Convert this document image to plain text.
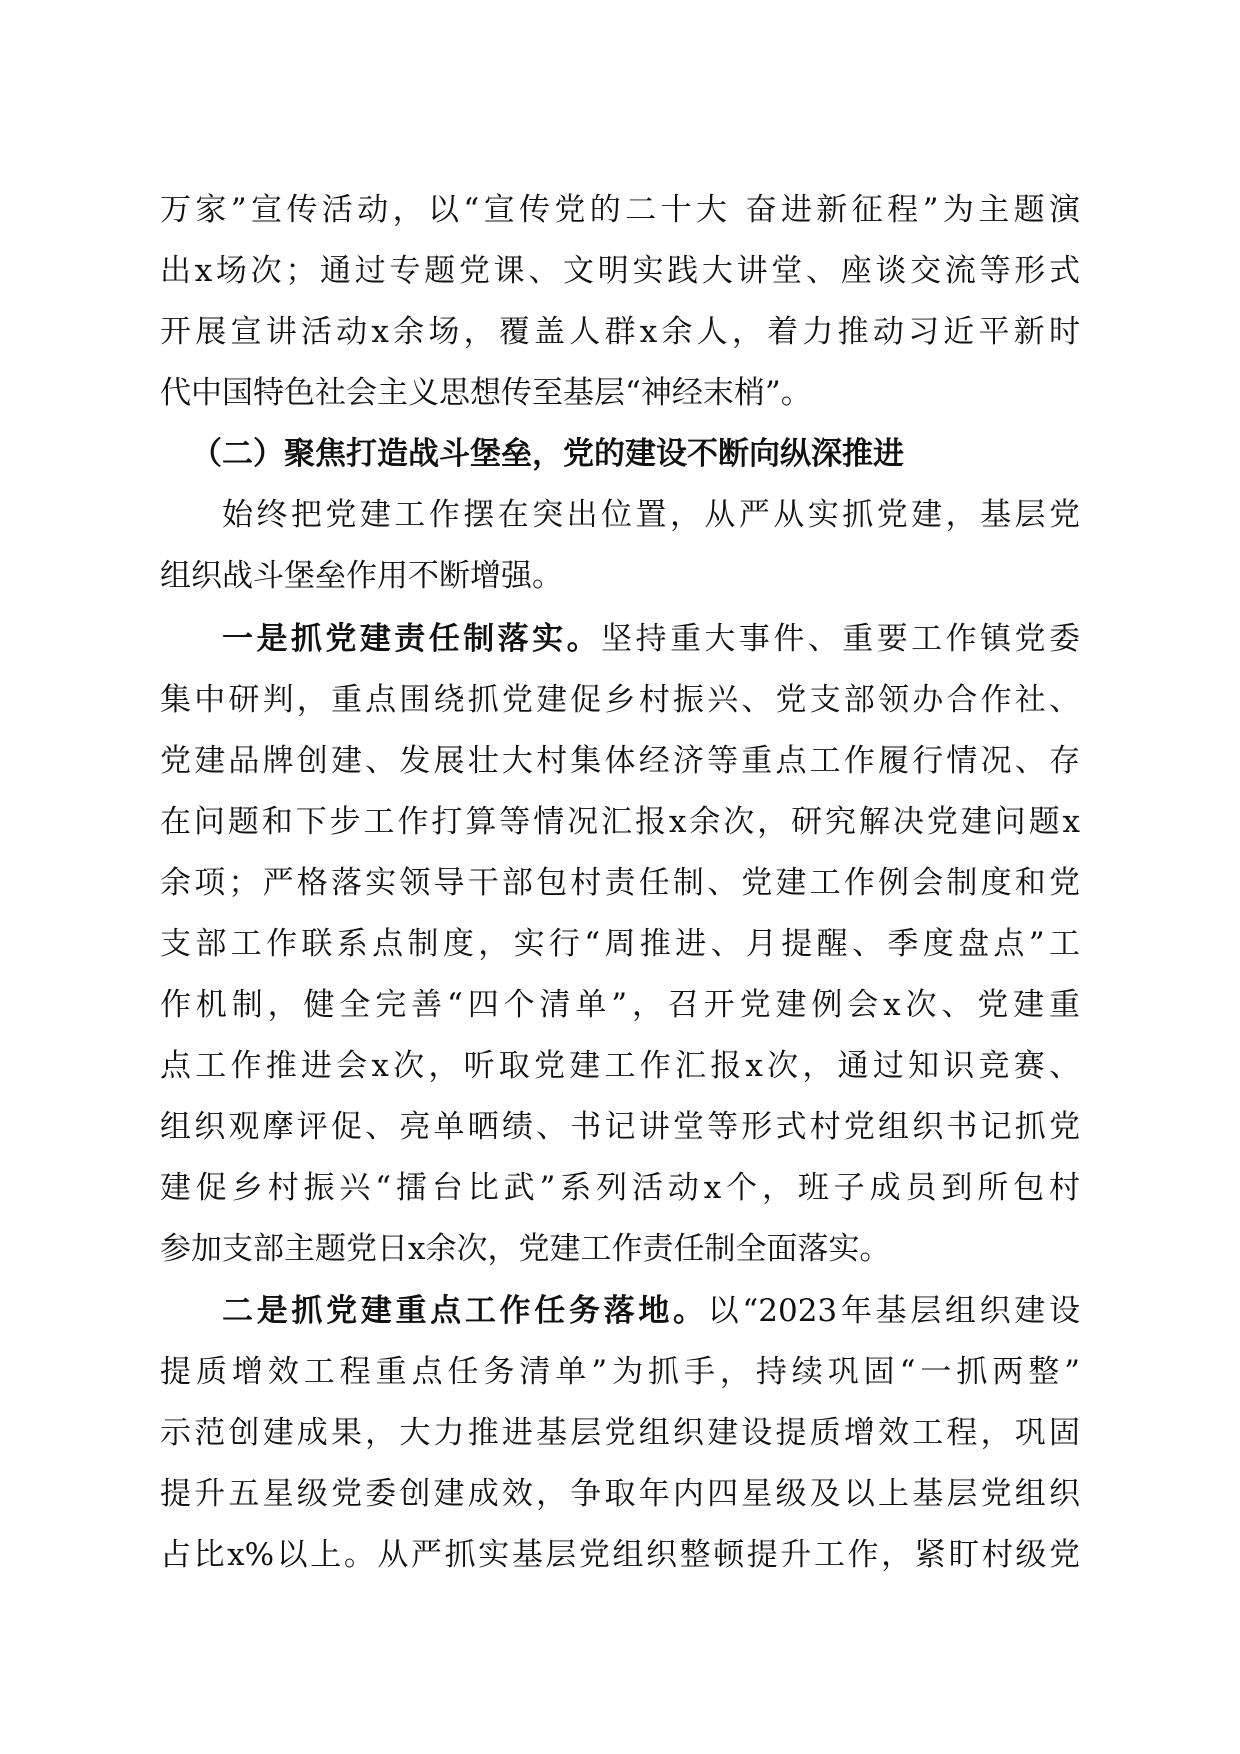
万家”宣传活动，以“宣传党的二十大 奋进新征程”为主题演
出x场次；通过专题党课、文明实践大讲堂、座谈交流等形式
开展宣讲活动x余场，覆盖人群x余人，着力推动习近平新时
代中国特色社会主义思想传至基层“神经末梢”。
（二）聚焦打造战斗堡垒，党的建设不断向纵深推进
始终把党建工作摆在突出位置，从严从实抓党建，基层党
组织战斗堡垒作用不断增强。
一是抓党建责任制落实。坚持重大事件、重要工作镇党委
集中研判，重点围绕抓党建促乡村振兴、党支部领办合作社、
党建品牌创建、发展壮大村集体经济等重点工作履行情况、存
在问题和下步工作打算等情况汇报x余次，研究解决党建问题x
余项；严格落实领导干部包村责任制、党建工作例会制度和党
支部工作联系点制度，实行“周推进、月提醒、季度盘点”工
作机制，健全完善“四个清单”，召开党建例会x次、党建重
点工作推进会x次，听取党建工作汇报x次，通过知识竞赛、
组织观摩评促、亮单晒绩、书记讲堂等形式村党组织书记抓党
建促乡村振兴“擂台比武”系列活动x个，班子成员到所包村
参加支部主题党日x余次，党建工作责任制全面落实。
二是抓党建重点工作任务落地。以“2023年基层组织建设
提质增效工程重点任务清单”为抓手，持续巩固“一抓两整”
示范创建成果，大力推进基层党组织建设提质增效工程，巩固
提升五星级党委创建成效，争取年内四星级及以上基层党组织
占比x%以上。从严抓实基层党组织整顿提升工作，紧盯村级党
